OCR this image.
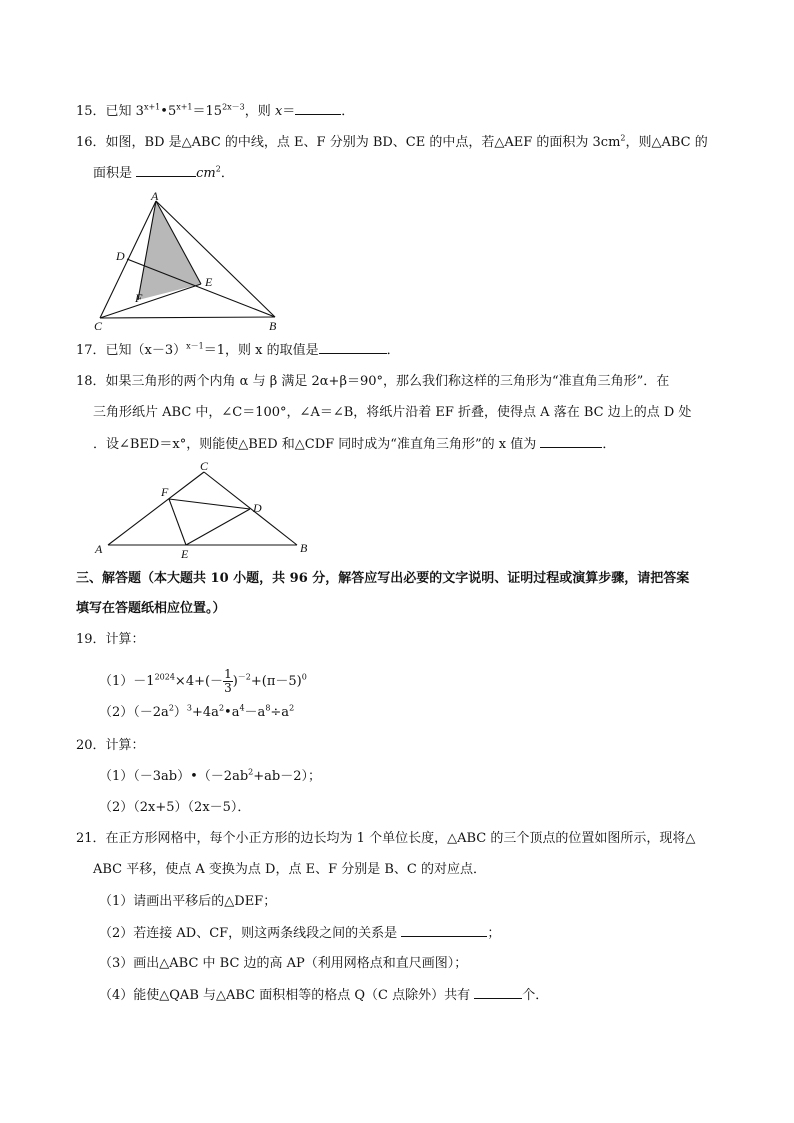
15．已知 $3^{x+1}•5^{x+1}=15^{2x-3}$，则 x＝	．
16．如图，BD 是△ABC 的中线，点 E、F 分别为 BD、CE 的中点，若△AEF 的面积为 $3cm^2$，则△ABC 的
面积是	$cm^2$．
A
D
E
F
C	B
17．已知$(x-3)^{x-1}=1$，则 x 的取值是	．
18．如果三角形的两个内角 α 与 β 满足 2α+β＝90°，那么我们称这样的三角形为“准直角三角形”．在
三角形纸片 ABC 中，∠C＝100°，∠A＝∠B，将纸片沿着 EF 折叠，使得点 A 落在 BC 边上的点 D 处
．设∠BED＝x°，则能使△BED 和△CDF 同时成为“准直角三角形”的 x 值为	．
C
F
D
A	E	B
三、解答题（本大题共 10 小题，共 96 分，解答应写出必要的文字说明、证明过程或演算步骤，请把答案
填写在答题纸相应位置。）
19．计算：
$(1)-1^{2024}\times 4+(- \frac{1}{3} )^{-2}+(\pi-5)^0$
$(2)(-2a^2)^3+4a^2•a^4-a^8\div a^2$
20．计算：
$(1)(-3ab)•(-2ab^2+ab-2)$；
（2）（2x+5）（2x－5）．
21．在正方形网格中，每个小正方形的边长均为 1 个单位长度，△ABC 的三个顶点的位置如图所示，现将△
ABC 平移，使点 A 变换为点 D，点 E、F 分别是 B、C 的对应点．
（1）请画出平移后的△DEF；
（2）若连接 AD、CF，则这两条线段之间的关系是	；
（3）画出△ABC 中 BC 边的高 AP（利用网格点和直尺画图）；
（4）能使△QAB 与△ABC 面积相等的格点 Q（C 点除外）共有	个．
